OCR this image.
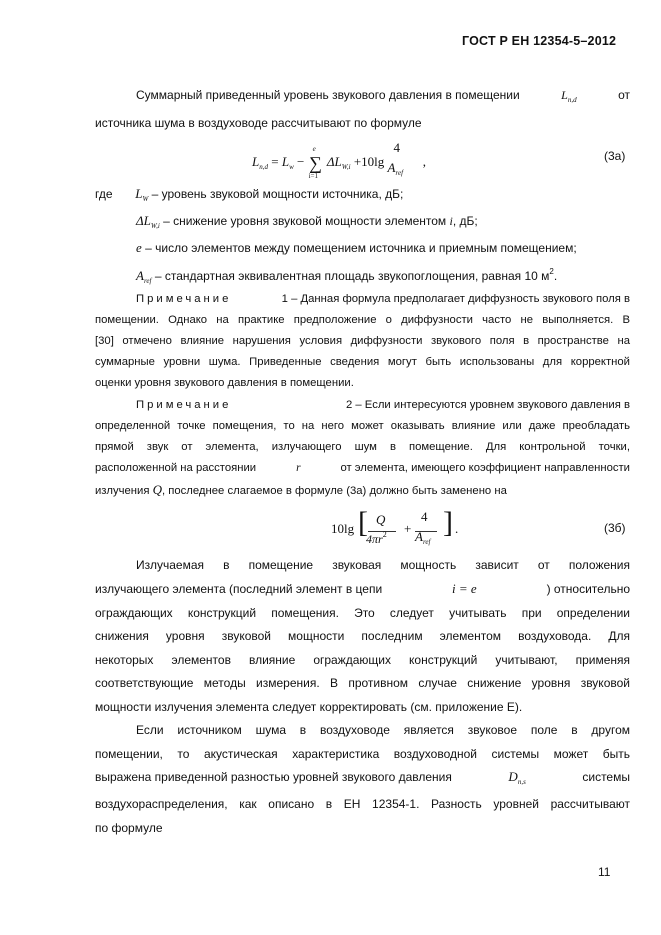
ГОСТ Р ЕН 12354-5–2012
Суммарный приведенный уровень звукового давления в помещении	$L_{n,d}$	от
источника шума в воздуховоде рассчитывают по формуле
$L_{n,d} = L_w$ −
e
∑
i=1
$\Delta L_{W,i} +10\lg$
4
$A_{ref}$
,	(3а)
где $L_W$ – уровень звуковой мощности источника, дБ;
$\Delta L_{W,i}$ – снижение уровня звуковой мощности элементом i, дБ;
e – число элементов между помещением источника и приемным помещением;
$A_{ref}$ – стандартная эквивалентная площадь звукопоглощения, равная 10 $м^2$.
Примечание	1 – Данная формула предполагает диффузность звукового поля в
помещении. Однако на практике предположение о диффузности часто не выполняется. В
[30] отмечено влияние нарушения условия диффузности звукового поля в пространстве на
суммарные уровни шума. Приведенные сведения могут быть использованы для корректной
оценки уровня звукового давления в помещении.
Примечание	2 – Если интересуются уровнем звукового давления в
определенной точке помещения, то на него может оказывать влияние или даже преобладать
прямой звук от элемента, излучающего шум в помещение. Для контрольной точки,
расположенной на расстоянии	r	от элемента, имеющего коэффициент направленности
излучения Q, последнее слагаемое в формуле (3а) должно быть заменено на
10lg [ Q
$4\pi r^2$ +
4
$A_{ref}$
] .	(3б)
Излучаемая в помещение звуковая мощность зависит от положения
излучающего элемента (последний элемент в цепи	i = e	) относительно
ограждающих конструкций помещения. Это следует учитывать при определении
снижения уровня звуковой мощности последним элементом воздуховода. Для
некоторых элементов влияние ограждающих конструкций учитывают, применяя
соответствующие методы измерения. В противном случае снижение уровня звуковой
мощности излучения элемента следует корректировать (см. приложение Е).
Если источником шума в воздуховоде является звуковое поле в другом
помещении, то акустическая характеристика воздуховодной системы может быть
выражена приведенной разностью уровней звукового давления	$D_{n,s}$	системы
воздухораспределения, как описано в ЕН 12354-1. Разность уровней рассчитывают
по формуле
11
